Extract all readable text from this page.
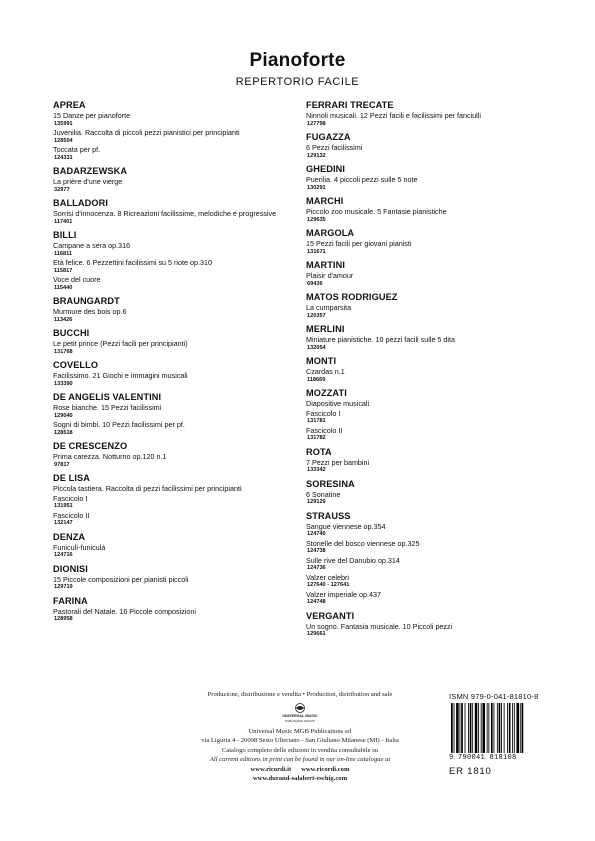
Pianoforte
REPERTORIO FACILE
APREA
15 Danze per pianoforte
135991
Juvenilia. Raccolta di piccoli pezzi pianistici per principianti
128504
Toccata per pf.
124331
BADARZEWSKA
La prière d'une vierge
32977
BALLADORI
Sorrisi d'innocenza. 8 Ricreazioni facilissime, melodiche e progressive
117401
BILLI
Campane a sera op.316
116811
Età felice. 6 Pezzettini facilissimi su 5 note op.310
115817
Voce del cuore
115440
BRAUNGARDT
Murmure des bois op.6
113426
BUCCHI
Le petit prince (Pezzi facili per principianti)
131768
COVELLO
Facilissimo. 21 Giochi e immagini musicali
133390
DE ANGELIS VALENTINI
Rose bianche. 15 Pezzi facilissimi
129040
Sogni di bimbi. 10 Pezzi facilissimi per pf.
128518
DE CRESCENZO
Prima carezza. Notturno op.120 n.1
97817
DE LISA
Piccola tastiera. Raccolta di pezzi facilissimi per principianti
Fascicolo I
131951
Fascicolo II
132147
DENZA
Funiculì-funiculà
124716
DIONISI
15 Piccole composizioni per pianisti piccoli
129719
FARINA
Pastorali del Natale. 16 Piccole composizioni
128958
FERRARI TRECATE
Ninnoli musicali. 12 Pezzi facili e facilissimi per fanciulli
127798
FUGAZZA
6 Pezzi facilissimi
129132
GHEDINI
Puerilia. 4 piccoli pezzi sulle 5 note
130291
MARCHI
Piccolo zoo musicale. 5 Fantasie pianistiche
129635
MARGOLA
15 Pezzi facili per giovani pianisti
131671
MARTINI
Plaisir d'amour
69436
MATOS RODRIGUEZ
La cumparsita
120357
MERLINI
Miniature pianistiche. 10 pezzi facili sulle 5 dita
132054
MONTI
Czardas n.1
118669
MOZZATI
Diapositive musicali
Fascicolo I
131781
Fascicolo II
131782
ROTA
7 Pezzi per bambini
133342
SORESINA
6 Sonatine
129129
STRAUSS
Sangue viennese op.354
124740
Storielle del bosco viennese op.325
124738
Sulle rive del Danubio op.314
124736
Valzer celebri
127640 - 127641
Valzer imperiale op.437
124748
VERGANTI
Un sogno. Fantasia musicale. 10 Piccoli pezzi
129661
Produzione, distribuzione e vendita • Production, distribution and sale
UNIVERSAL MUSIC
PUBLISHING GROUP
Universal Music MGB Publications srl
via Liguria 4 - 20098 Sesto Ulteriano - San Giuliano Milanese (MI) - Italia
Catalogo completo delle edizioni in vendita consultabile su
All current editions in print can be found in our on-line catalogue at
www.ricordi.it www.ricordi.com
www.durand-salabert-eschig.com
ISMN 979-0-041-81810-8
9 790041 818108
ER 1810
